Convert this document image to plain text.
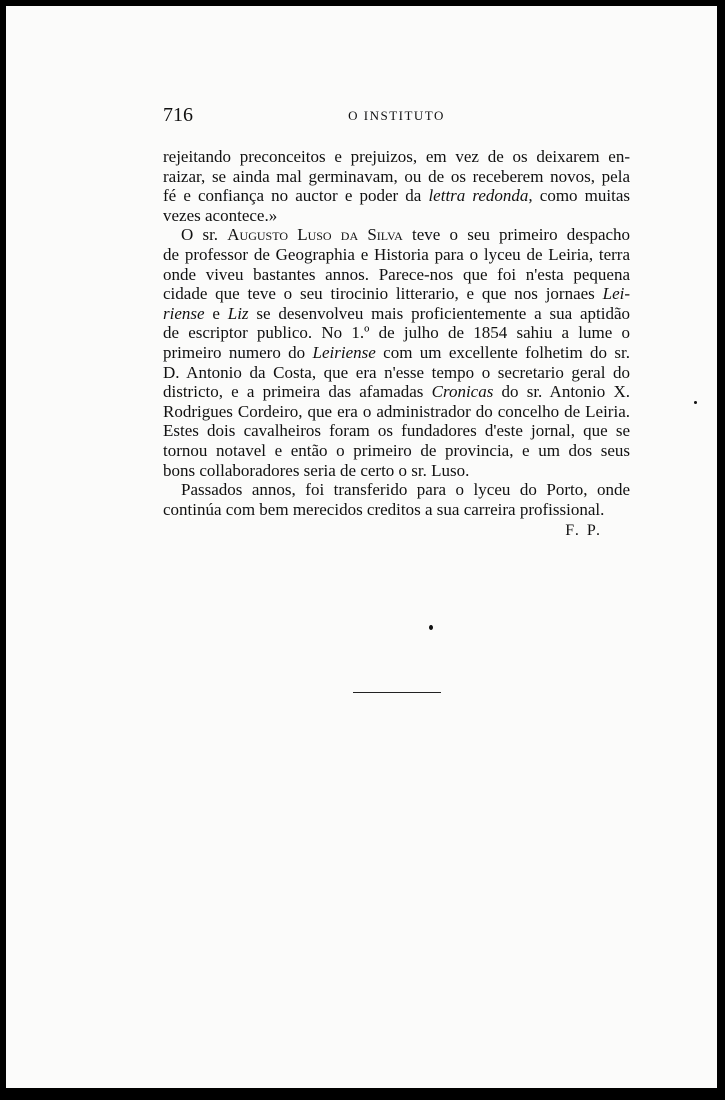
716	O INSTITUTO
rejeitando preconceitos e prejuizos, em vez de os deixarem en-
raizar, se ainda mal germinavam, ou de os receberem novos, pela
fé e confiança no auctor e poder da lettra redonda, como muitas
vezes acontece.»
O sr. Augusto Luso da Silva teve o seu primeiro despacho
de professor de Geographia e Historia para o lyceu de Leiria, terra
onde viveu bastantes annos. Parece-nos que foi n'esta pequena
cidade que teve o seu tirocinio litterario, e que nos jornaes Lei-
riense e Liz se desenvolveu mais proficientemente a sua aptidão
de escriptor publico. No 1.º de julho de 1854 sahiu a lume o
primeiro numero do Leiriense com um excellente folhetim do sr.
D. Antonio da Costa, que era n'esse tempo o secretario geral do
districto, e a primeira das afamadas Cronicas do sr. Antonio X.
Rodrigues Cordeiro, que era o administrador do concelho de Leiria.
Estes dois cavalheiros foram os fundadores d'este jornal, que se
tornou notavel e então o primeiro de provincia, e um dos seus
bons collaboradores seria de certo o sr. Luso.
Passados annos, foi transferido para o lyceu do Porto, onde
continúa com bem merecidos creditos a sua carreira profissional.
F. P.
